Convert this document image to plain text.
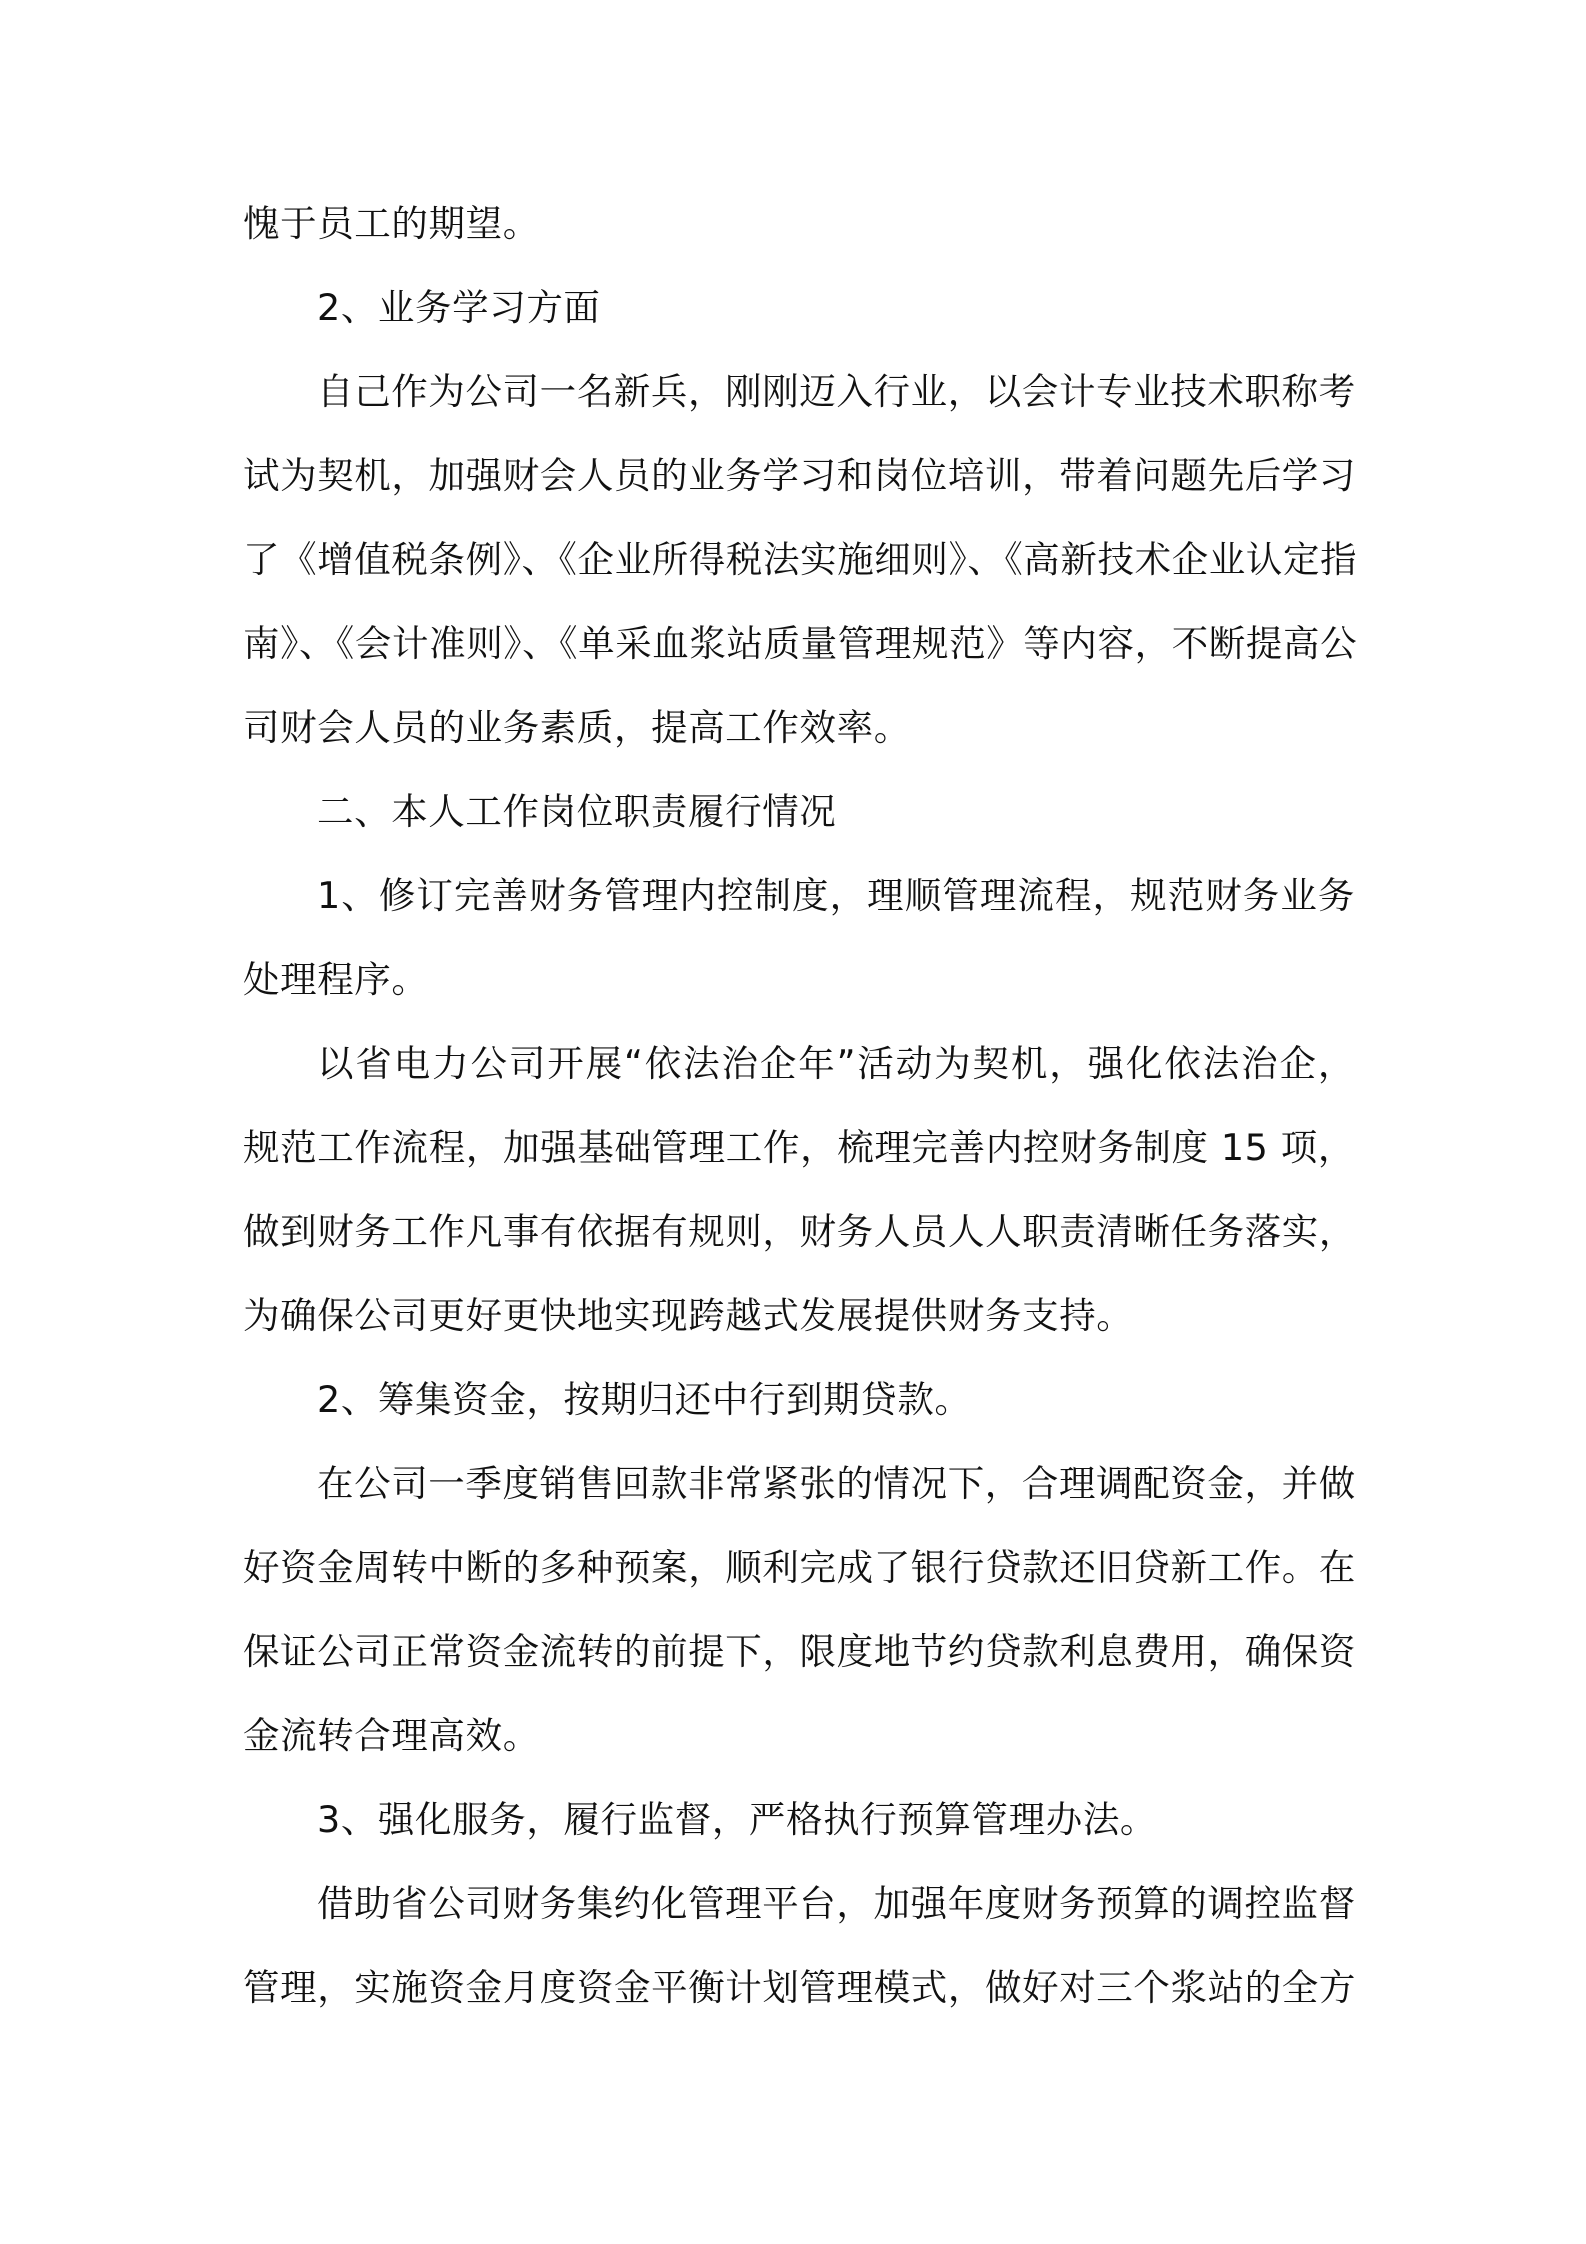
愧于员工的期望。

2、业务学习方面

自己作为公司一名新兵，刚刚迈入行业，以会计专业技术职称考
试为契机，加强财会人员的业务学习和岗位培训，带着问题先后学习
了《增值税条例》、《企业所得税法实施细则》、《高新技术企业认定指
南》、《会计准则》、《单采血浆站质量管理规范》等内容，不断提高公
司财会人员的业务素质，提高工作效率。

二、本人工作岗位职责履行情况

1、修订完善财务管理内控制度，理顺管理流程，规范财务业务
处理程序。

以省电力公司开展“依法治企年”活动为契机，强化依法治企，
规范工作流程，加强基础管理工作，梳理完善内控财务制度 15 项，
做到财务工作凡事有依据有规则，财务人员人人职责清晰任务落实，
为确保公司更好更快地实现跨越式发展提供财务支持。

2、筹集资金，按期归还中行到期贷款。

在公司一季度销售回款非常紧张的情况下，合理调配资金，并做
好资金周转中断的多种预案，顺利完成了银行贷款还旧贷新工作。在
保证公司正常资金流转的前提下，限度地节约贷款利息费用，确保资
金流转合理高效。

3、强化服务，履行监督，严格执行预算管理办法。

借助省公司财务集约化管理平台，加强年度财务预算的调控监督
管理，实施资金月度资金平衡计划管理模式，做好对三个浆站的全方
